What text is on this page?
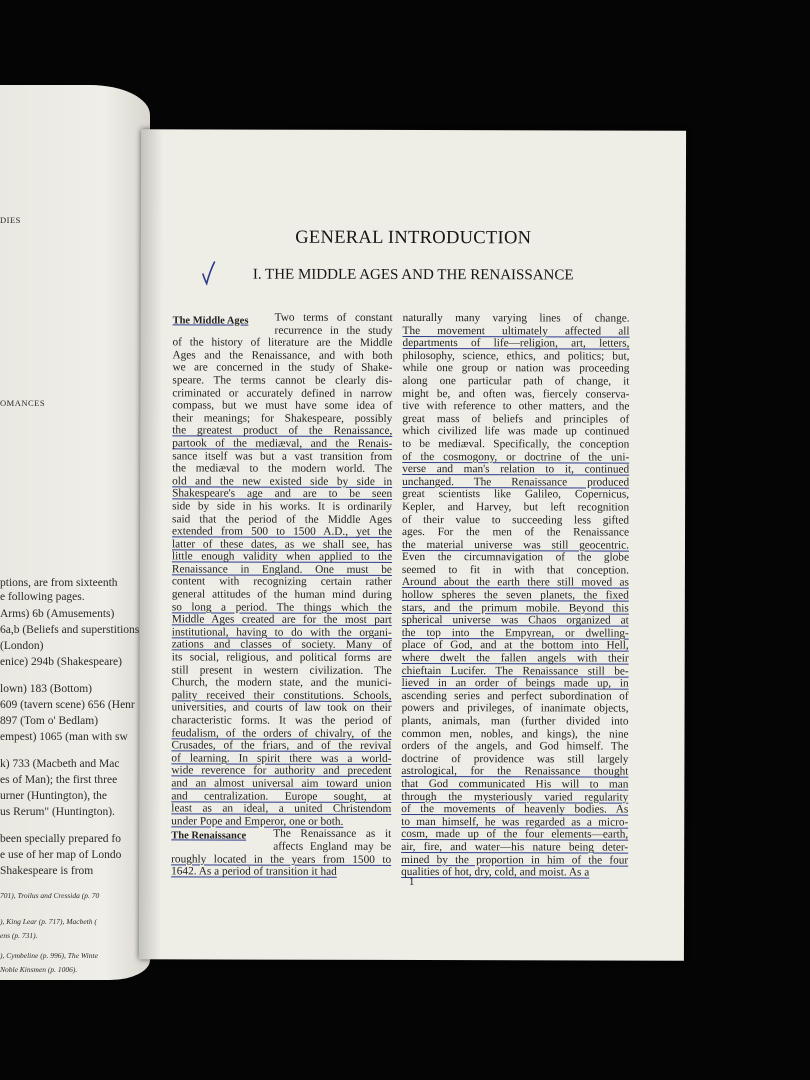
DIES
OMANCES
ptions, are from sixteenth
e following pages.
Arms) 6b (Amusements)
6a,b (Beliefs and superstitions
(London)
enice) 294b (Shakespeare)
lown) 183 (Bottom)
609 (tavern scene) 656 (Henr
897 (Tom o' Bedlam)
empest) 1065 (man with sw
k) 733 (Macbeth and Mac
es of Man); the first three
urner (Huntington), the
us Rerum" (Huntington).
been specially prepared fo
e use of her map of Londo
Shakespeare is from
701), Troilus and Cressida (p. 70
), King Lear (p. 717), Macbeth (
ens (p. 731).
), Cymbeline (p. 996), The Winte
Noble Kinsmen (p. 1006).
GENERAL INTRODUCTION
I. THE MIDDLE AGES AND THE RENAISSANCE
The Middle Ages
The Renaissance
Two terms of constant
recurrence in the study
of the history of literature are the Middle
Ages and the Renaissance, and with both
we are concerned in the study of Shake-
speare. The terms cannot be clearly dis-
criminated or accurately defined in narrow
compass, but we must have some idea of
their meanings; for Shakespeare, possibly
the greatest product of the Renaissance,
partook of the mediæval, and the Renais-
sance itself was but a vast transition from
the mediæval to the modern world. The
old and the new existed side by side in
Shakespeare's age and are to be seen
side by side in his works. It is ordinarily
said that the period of the Middle Ages
extended from 500 to 1500 A.D., yet the
latter of these dates, as we shall see, has
little enough validity when applied to the
Renaissance in England. One must be
content with recognizing certain rather
general attitudes of the human mind during
so long a period. The things which the
Middle Ages created are for the most part
institutional, having to do with the organi-
zations and classes of society. Many of
its social, religious, and political forms are
still present in western civilization. The
Church, the modern state, and the munici-
pality received their constitutions. Schools,
universities, and courts of law took on their
characteristic forms. It was the period of
feudalism, of the orders of chivalry, of the
Crusades, of the friars, and of the revival
of learning. In spirit there was a world-
wide reverence for authority and precedent
and an almost universal aim toward union
and centralization. Europe sought, at
least as an ideal, a united Christendom
under Pope and Emperor, one or both.
The Renaissance as it
affects England may be
roughly located in the years from 1500 to
1642. As a period of transition it had
naturally many varying lines of change.
The movement ultimately affected all
departments of life—religion, art, letters,
philosophy, science, ethics, and politics; but,
while one group or nation was proceeding
along one particular path of change, it
might be, and often was, fiercely conserva-
tive with reference to other matters, and the
great mass of beliefs and principles of
which civilized life was made up continued
to be mediæval. Specifically, the conception
of the cosmogony, or doctrine of the uni-
verse and man's relation to it, continued
unchanged. The Renaissance produced
great scientists like Galileo, Copernicus,
Kepler, and Harvey, but left recognition
of their value to succeeding less gifted
ages. For the men of the Renaissance
the material universe was still geocentric.
Even the circumnavigation of the globe
seemed to fit in with that conception.
Around about the earth there still moved as
hollow spheres the seven planets, the fixed
stars, and the primum mobile. Beyond this
spherical universe was Chaos organized at
the top into the Empyrean, or dwelling-
place of God, and at the bottom into Hell,
where dwelt the fallen angels with their
chieftain Lucifer. The Renaissance still be-
lieved in an order of beings made up, in
ascending series and perfect subordination of
powers and privileges, of inanimate objects,
plants, animals, man (further divided into
common men, nobles, and kings), the nine
orders of the angels, and God himself. The
doctrine of providence was still largely
astrological, for the Renaissance thought
that God communicated His will to man
through the mysteriously varied regularity
of the movements of heavenly bodies. As
to man himself, he was regarded as a micro-
cosm, made up of the four elements—earth,
air, fire, and water—his nature being deter-
mined by the proportion in him of the four
qualities of hot, dry, cold, and moist. As a
1
